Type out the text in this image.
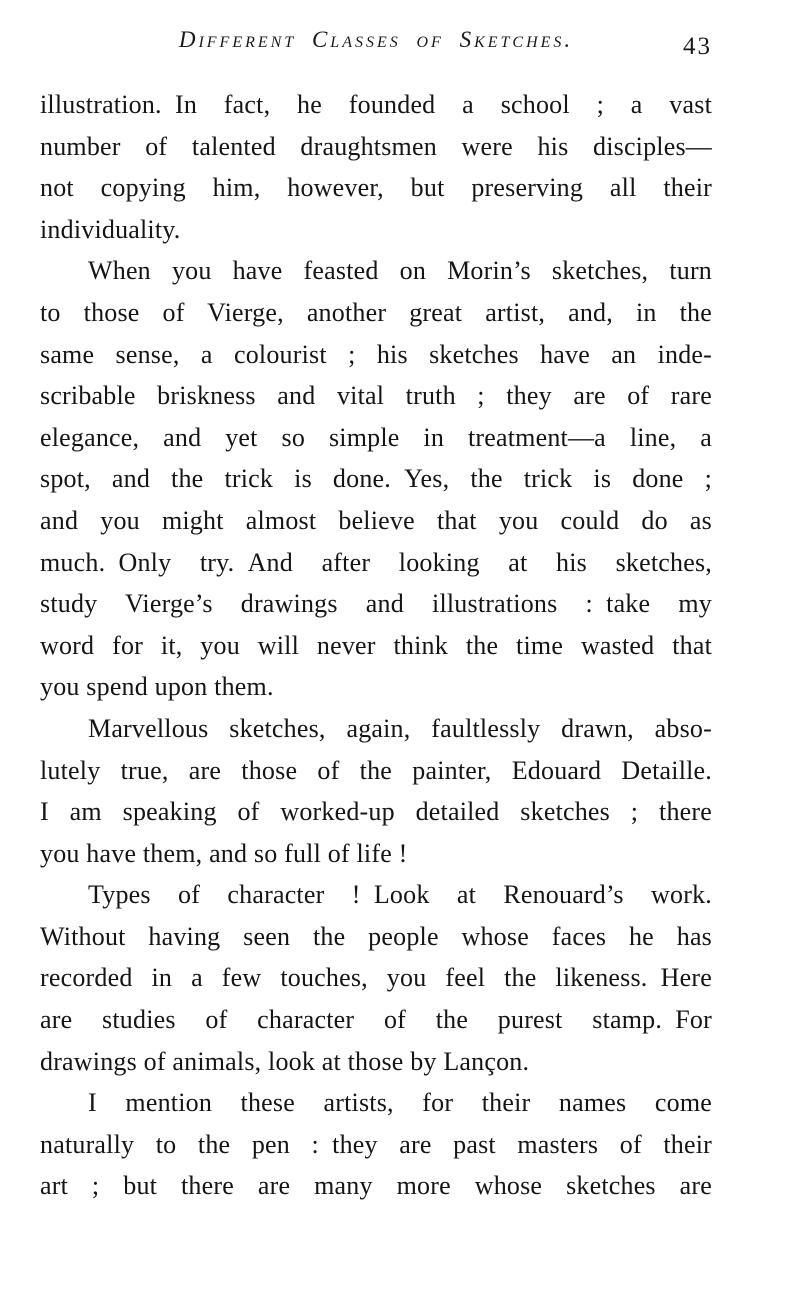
Different Classes of Sketches.	43
illustration. In fact, he founded a school ; a vast
number of talented draughtsmen were his disciples—
not copying him, however, but preserving all their
individuality.
When you have feasted on Morin’s sketches, turn
to those of Vierge, another great artist, and, in the
same sense, a colourist ; his sketches have an inde-
scribable briskness and vital truth ; they are of rare
elegance, and yet so simple in treatment—a line, a
spot, and the trick is done. Yes, the trick is done ;
and you might almost believe that you could do as
much. Only try. And after looking at his sketches,
study Vierge’s drawings and illustrations : take my
word for it, you will never think the time wasted that
you spend upon them.
Marvellous sketches, again, faultlessly drawn, abso-
lutely true, are those of the painter, Edouard Detaille.
I am speaking of worked-up detailed sketches ; there
you have them, and so full of life !
Types of character ! Look at Renouard’s work.
Without having seen the people whose faces he has
recorded in a few touches, you feel the likeness. Here
are studies of character of the purest stamp. For
drawings of animals, look at those by Lançon.
I mention these artists, for their names come
naturally to the pen : they are past masters of their
art ; but there are many more whose sketches are
